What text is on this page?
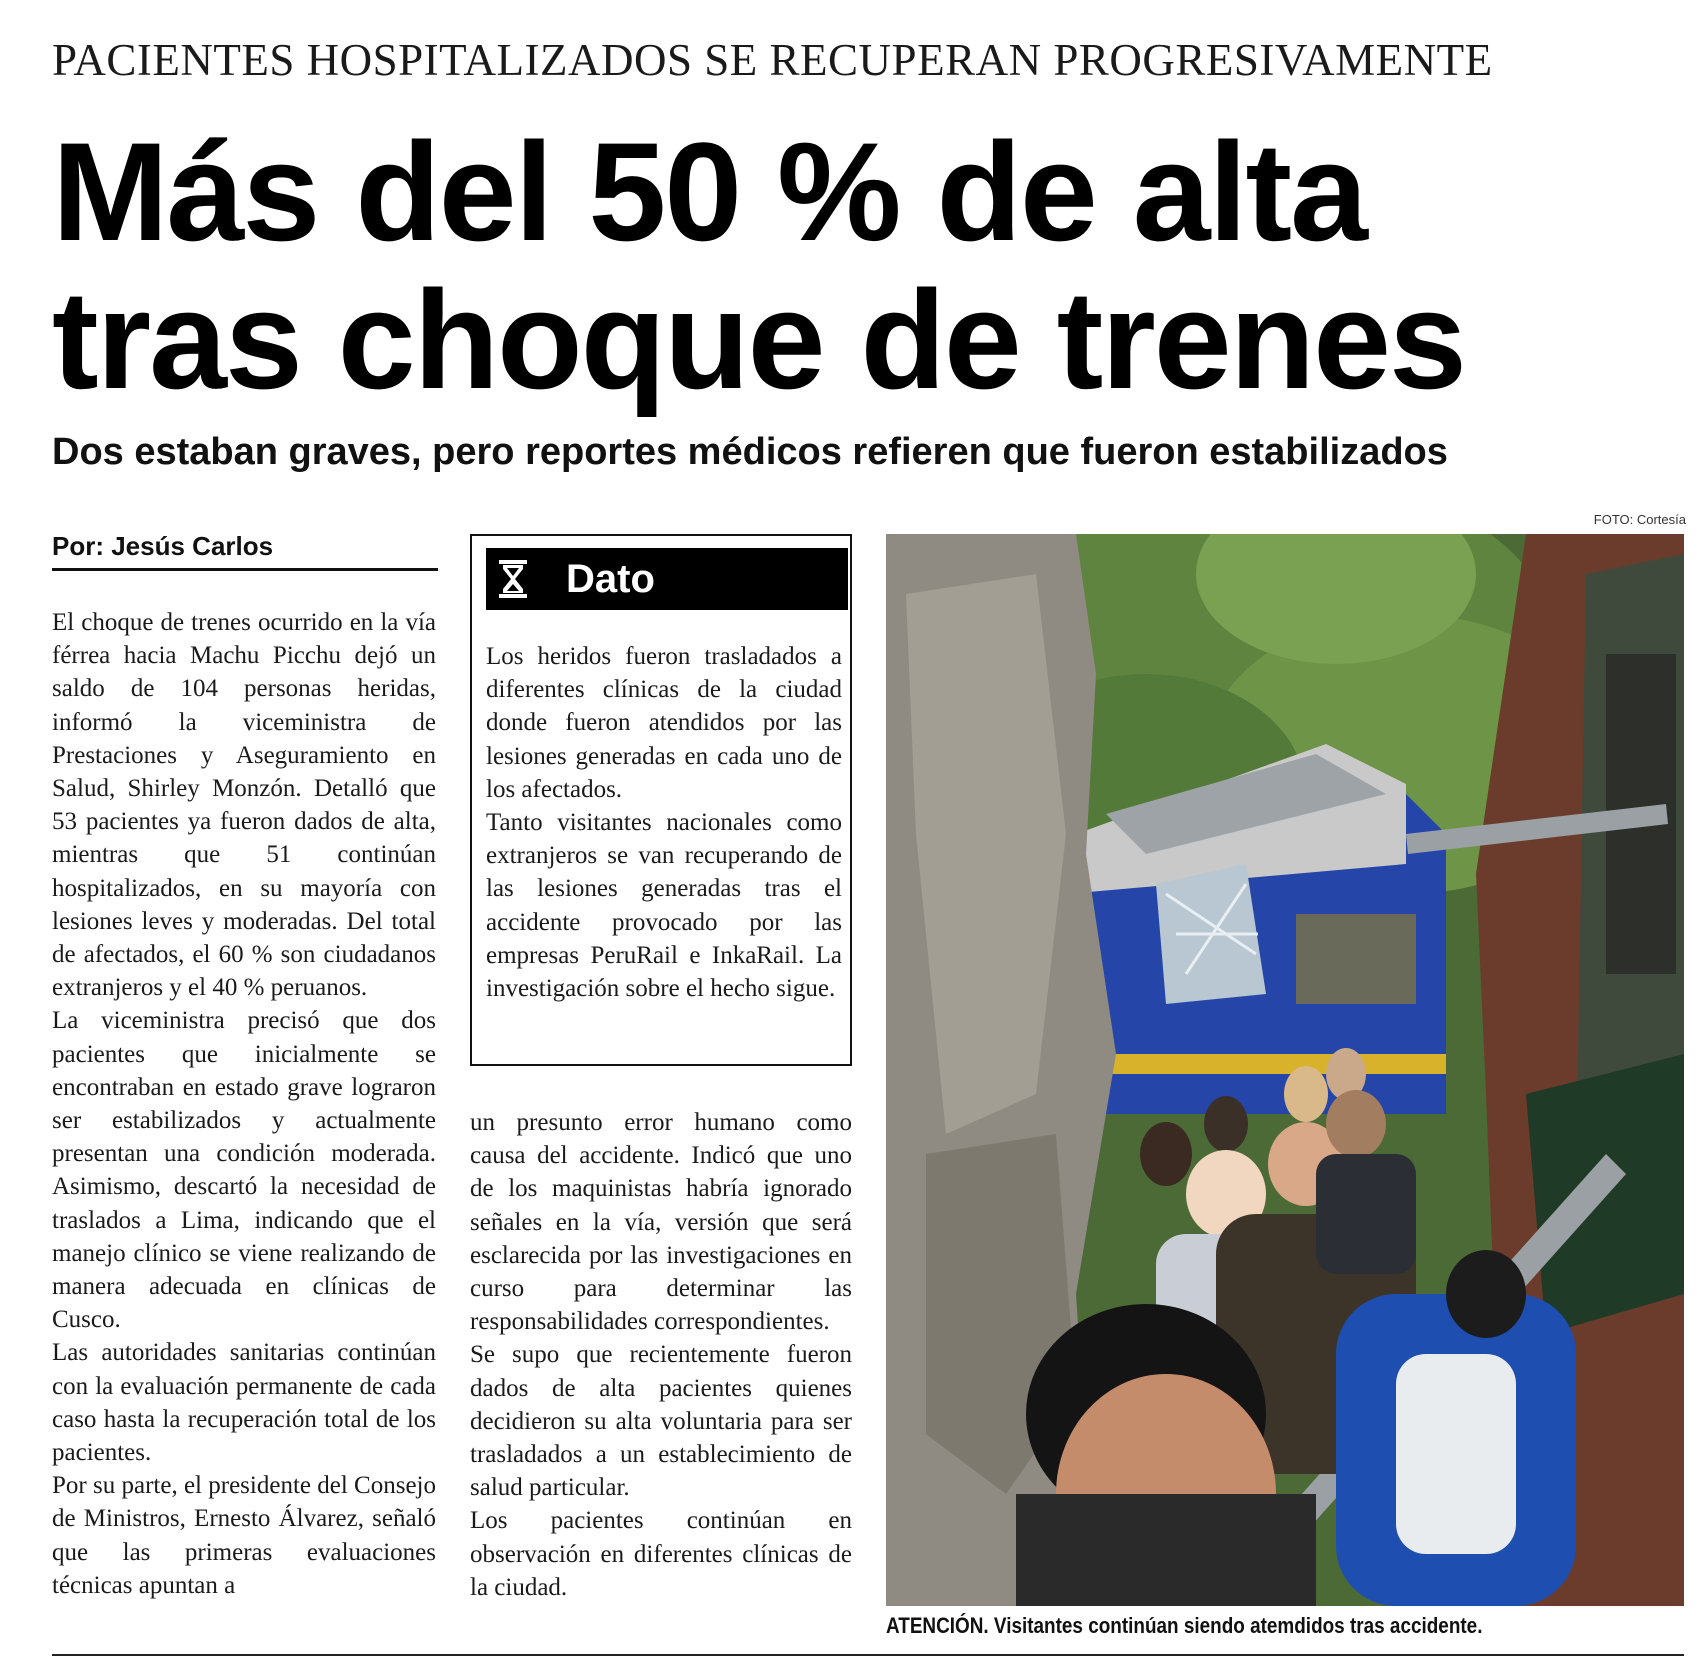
PACIENTES HOSPITALIZADOS SE RECUPERAN PROGRESIVAMENTE
Más del 50 % de alta
tras choque de trenes
Dos estaban graves, pero reportes médicos refieren que fueron estabilizados
Por: Jesús Carlos

El choque de trenes ocurrido en la vía férrea hacia Machu Picchu dejó un saldo de 104 personas heridas, informó la viceministra de Prestaciones y Aseguramiento en Salud, Shirley Monzón. Detalló que 53 pacientes ya fueron dados de alta, mientras que 51 continúan hospitalizados, en su mayoría con lesiones leves y moderadas. Del total de afectados, el 60 % son ciudadanos extranjeros y el 40 % peruanos.

La viceministra precisó que dos pacientes que inicialmente se encontraban en estado grave lograron ser estabilizados y actualmente presentan una condición moderada. Asimismo, descartó la necesidad de traslados a Lima, indicando que el manejo clínico se viene realizando de manera adecuada en clínicas de Cusco.

Las autoridades sanitarias continúan con la evaluación permanente de cada caso hasta la recuperación total de los pacientes.

Por su parte, el presidente del Consejo de Ministros, Ernesto Álvarez, señaló que las primeras evaluaciones técnicas apuntan a

Dato

Los heridos fueron trasladados a diferentes clínicas de la ciudad donde fueron atendidos por las lesiones generadas en cada uno de los afectados.

Tanto visitantes nacionales como extranjeros se van recuperando de las lesiones generadas tras el accidente provocado por las empresas PeruRail e InkaRail. La investigación sobre el hecho sigue.

un presunto error humano como causa del accidente. Indicó que uno de los maquinistas habría ignorado señales en la vía, versión que será esclarecida por las investigaciones en curso para determinar las responsabilidades correspondientes.

Se supo que recientemente fueron dados de alta pacientes quienes decidieron su alta voluntaria para ser trasladados a un establecimiento de salud particular.

Los pacientes continúan en observación en diferentes clínicas de la ciudad.

FOTO: Cortesía
ATENCIÓN. Visitantes continúan siendo atemdidos tras accidente.
